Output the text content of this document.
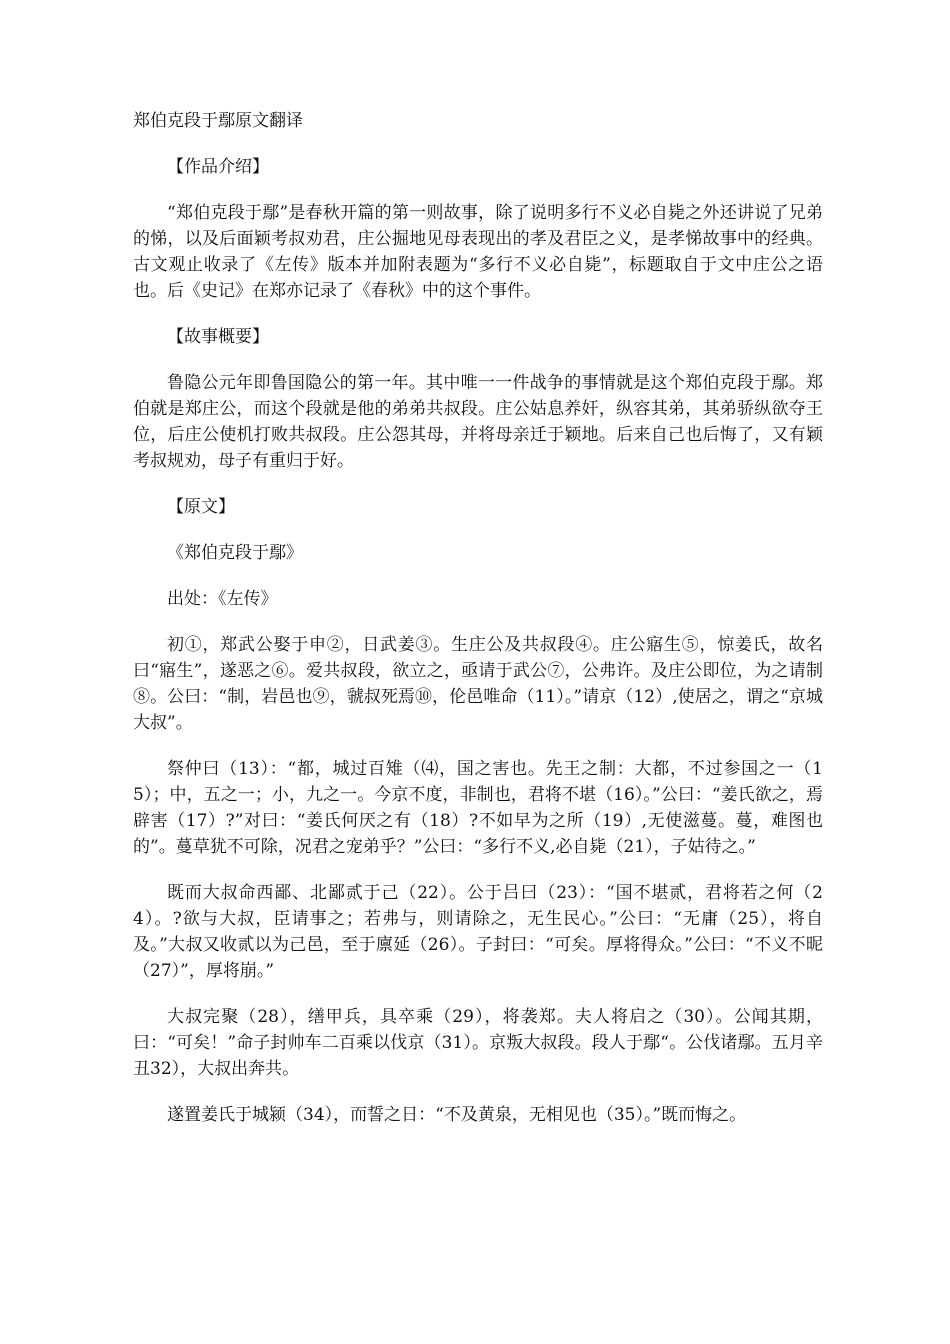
郑伯克段于鄢原文翻译
【作品介绍】
“郑伯克段于鄢”是春秋开篇的第一则故事，除了说明多行不义必自毙之外还讲说了兄弟的悌，以及后面颖考叔劝君，庄公掘地见母表现出的孝及君臣之义，是孝悌故事中的经典。古文观止收录了《左传》版本并加附表题为“多行不义必自毙”，标题取自于文中庄公之语也。后《史记》在郑亦记录了《春秋》中的这个事件。
【故事概要】
鲁隐公元年即鲁国隐公的第一年。其中唯一一件战争的事情就是这个郑伯克段于鄢。郑伯就是郑庄公，而这个段就是他的弟弟共叔段。庄公姑息养奸，纵容其弟，其弟骄纵欲夺王位，后庄公使机打败共叔段。庄公怨其母，并将母亲迁于颖地。后来自己也后悔了，又有颖考叔规劝，母子有重归于好。
【原文】
《郑伯克段于鄢》
出处：《左传》
初①，郑武公娶于申②，日武姜③。生庄公及共叔段④。庄公寤生⑤，惊姜氏，故名曰“寤生”，遂恶之⑥。爱共叔段，欲立之，亟请于武公⑦，公弗许。及庄公即位，为之请制⑧。公曰：“制，岩邑也⑨，虢叔死焉⑩，伦邑唯命（11）。”请京（12）,使居之，谓之“京城大叔”。
祭仲曰（13）：“都，城过百雉（⑷，国之害也。先王之制：大都，不过参国之一（15）；中，五之一；小，九之一。今京不度，非制也，君将不堪（16）。”公曰：“姜氏欲之，焉辟害（17）?”对曰：“姜氏何厌之有（18）?不如早为之所（19）,无使滋蔓。蔓，难图也的”。蔓草犹不可除，况君之宠弟乎？”公曰：“多行不义,必自毙（21），子姑待之。”
既而大叔命西鄙、北鄙贰于己（22）。公于吕曰（23）：“国不堪贰，君将若之何（24）。?欲与大叔，臣请事之；若弗与，则请除之，无生民心。”公曰：“无庸（25），将自及。”大叔又收贰以为己邑，至于廪延（26）。子封曰：“可矣。厚将得众。”公曰：“不义不昵（27）”，厚将崩。”
大叔完聚（28），缮甲兵，具卒乘（29），将袭郑。夫人将启之（30）。公闻其期，曰：“可矣！”命子封帅车二百乘以伐京（31）。京叛大叔段。段人于鄢“。公伐诸鄢。五月辛丑32），大叔出奔共。
遂置姜氏于城颍（34），而誓之日：“不及黄泉，无相见也（35）。”既而悔之。
